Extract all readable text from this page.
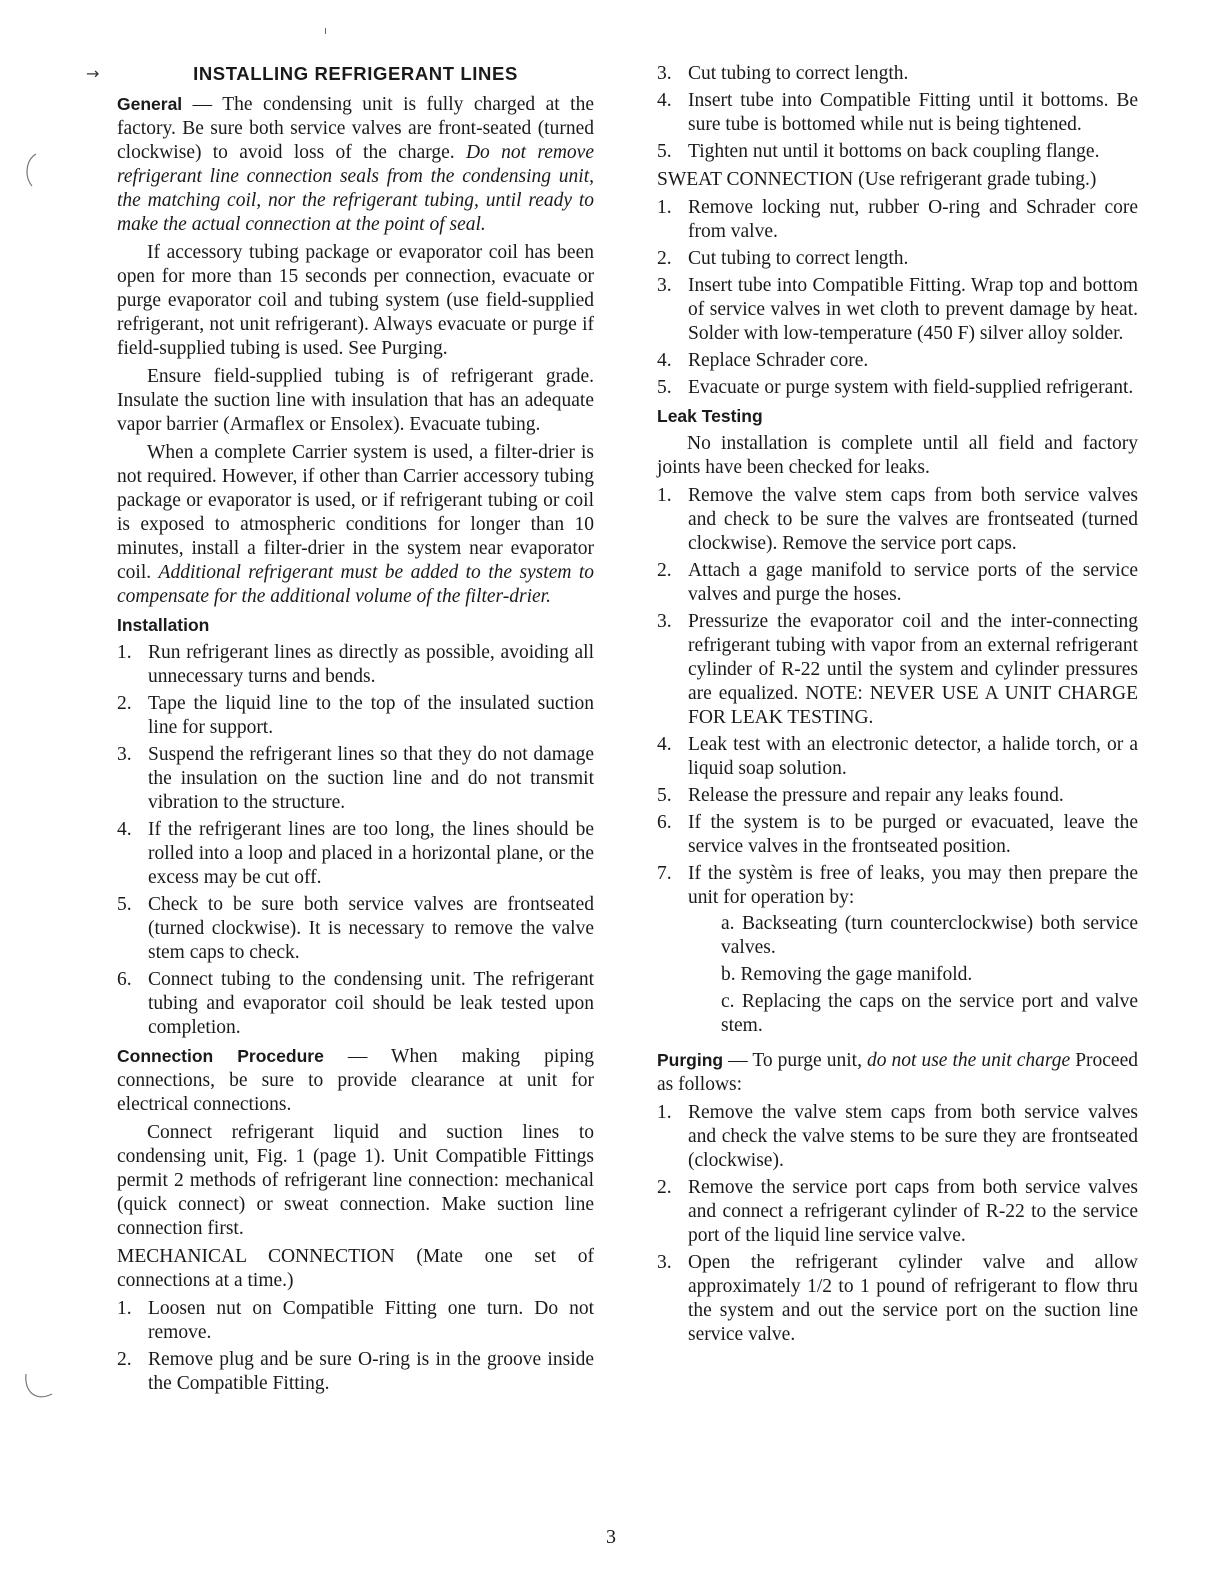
→	INSTALLING REFRIGERANT LINES

General — The condensing unit is fully charged at the factory. Be sure both service valves are front-seated (turned clockwise) to avoid loss of the charge. Do not remove refrigerant line connection seals from the condensing unit, the matching coil, nor the refrigerant tubing, until ready to make the actual connection at the point of seal.

If accessory tubing package or evaporator coil has been open for more than 15 seconds per connection, evacuate or purge evaporator coil and tubing system (use field-supplied refrigerant, not unit refrigerant). Always evacuate or purge if field-supplied tubing is used. See Purging.

Ensure field-supplied tubing is of refrigerant grade. Insulate the suction line with insulation that has an adequate vapor barrier (Armaflex or Ensolex). Evacuate tubing.

When a complete Carrier system is used, a filter-drier is not required. However, if other than Carrier accessory tubing package or evaporator is used, or if refrigerant tubing or coil is exposed to atmospheric conditions for longer than 10 minutes, install a filter-drier in the system near evaporator coil. Additional refrigerant must be added to the system to compensate for the additional volume of the filter-drier.

Installation
1. Run refrigerant lines as directly as possible, avoiding all unnecessary turns and bends.
2. Tape the liquid line to the top of the insulated suction line for support.
3. Suspend the refrigerant lines so that they do not damage the insulation on the suction line and do not transmit vibration to the structure.
4. If the refrigerant lines are too long, the lines should be rolled into a loop and placed in a horizontal plane, or the excess may be cut off.
5. Check to be sure both service valves are frontseated (turned clockwise). It is necessary to remove the valve stem caps to check.
6. Connect tubing to the condensing unit. The refrigerant tubing and evaporator coil should be leak tested upon completion.

Connection Procedure — When making piping connections, be sure to provide clearance at unit for electrical connections.

Connect refrigerant liquid and suction lines to condensing unit, Fig. 1 (page 1). Unit Compatible Fittings permit 2 methods of refrigerant line connection: mechanical (quick connect) or sweat connection. Make suction line connection first.

MECHANICAL CONNECTION (Mate one set of connections at a time.)

1. Loosen nut on Compatible Fitting one turn. Do not remove.
2. Remove plug and be sure O-ring is in the groove inside the Compatible Fitting.
3. Cut tubing to correct length.
4. Insert tube into Compatible Fitting until it bottoms. Be sure tube is bottomed while nut is being tightened.
5. Tighten nut until it bottoms on back coupling flange.

SWEAT CONNECTION (Use refrigerant grade tubing.)

1. Remove locking nut, rubber O-ring and Schrader core from valve.
2. Cut tubing to correct length.
3. Insert tube into Compatible Fitting. Wrap top and bottom of service valves in wet cloth to prevent damage by heat. Solder with low-temperature (450 F) silver alloy solder.
4. Replace Schrader core.
5. Evacuate or purge system with field-supplied refrigerant.
Leak Testing

No installation is complete until all field and factory joints have been checked for leaks.

1. Remove the valve stem caps from both service valves and check to be sure the valves are frontseated (turned clockwise). Remove the service port caps.
2. Attach a gage manifold to service ports of the service valves and purge the hoses.
3. Pressurize the evaporator coil and the inter-connecting refrigerant tubing with vapor from an external refrigerant cylinder of R-22 until the system and cylinder pressures are equalized. NOTE: NEVER USE A UNIT CHARGE FOR LEAK TESTING.
4. Leak test with an electronic detector, a halide torch, or a liquid soap solution.
5. Release the pressure and repair any leaks found.
6. If the system is to be purged or evacuated, leave the service valves in the frontseated position.
7. If the systèm is free of leaks, you may then prepare the unit for operation by:
a. Backseating (turn counterclockwise) both service valves.
b. Removing the gage manifold.
c. Replacing the caps on the service port and valve stem.

Purging — To purge unit, do not use the unit charge Proceed as follows:

1. Remove the valve stem caps from both service valves and check the valve stems to be sure they are frontseated (clockwise).
2. Remove the service port caps from both service valves and connect a refrigerant cylinder of R-22 to the service port of the liquid line service valve.
3. Open the refrigerant cylinder valve and allow approximately 1/2 to 1 pound of refrigerant to flow thru the system and out the service port on the suction line service valve.
3
